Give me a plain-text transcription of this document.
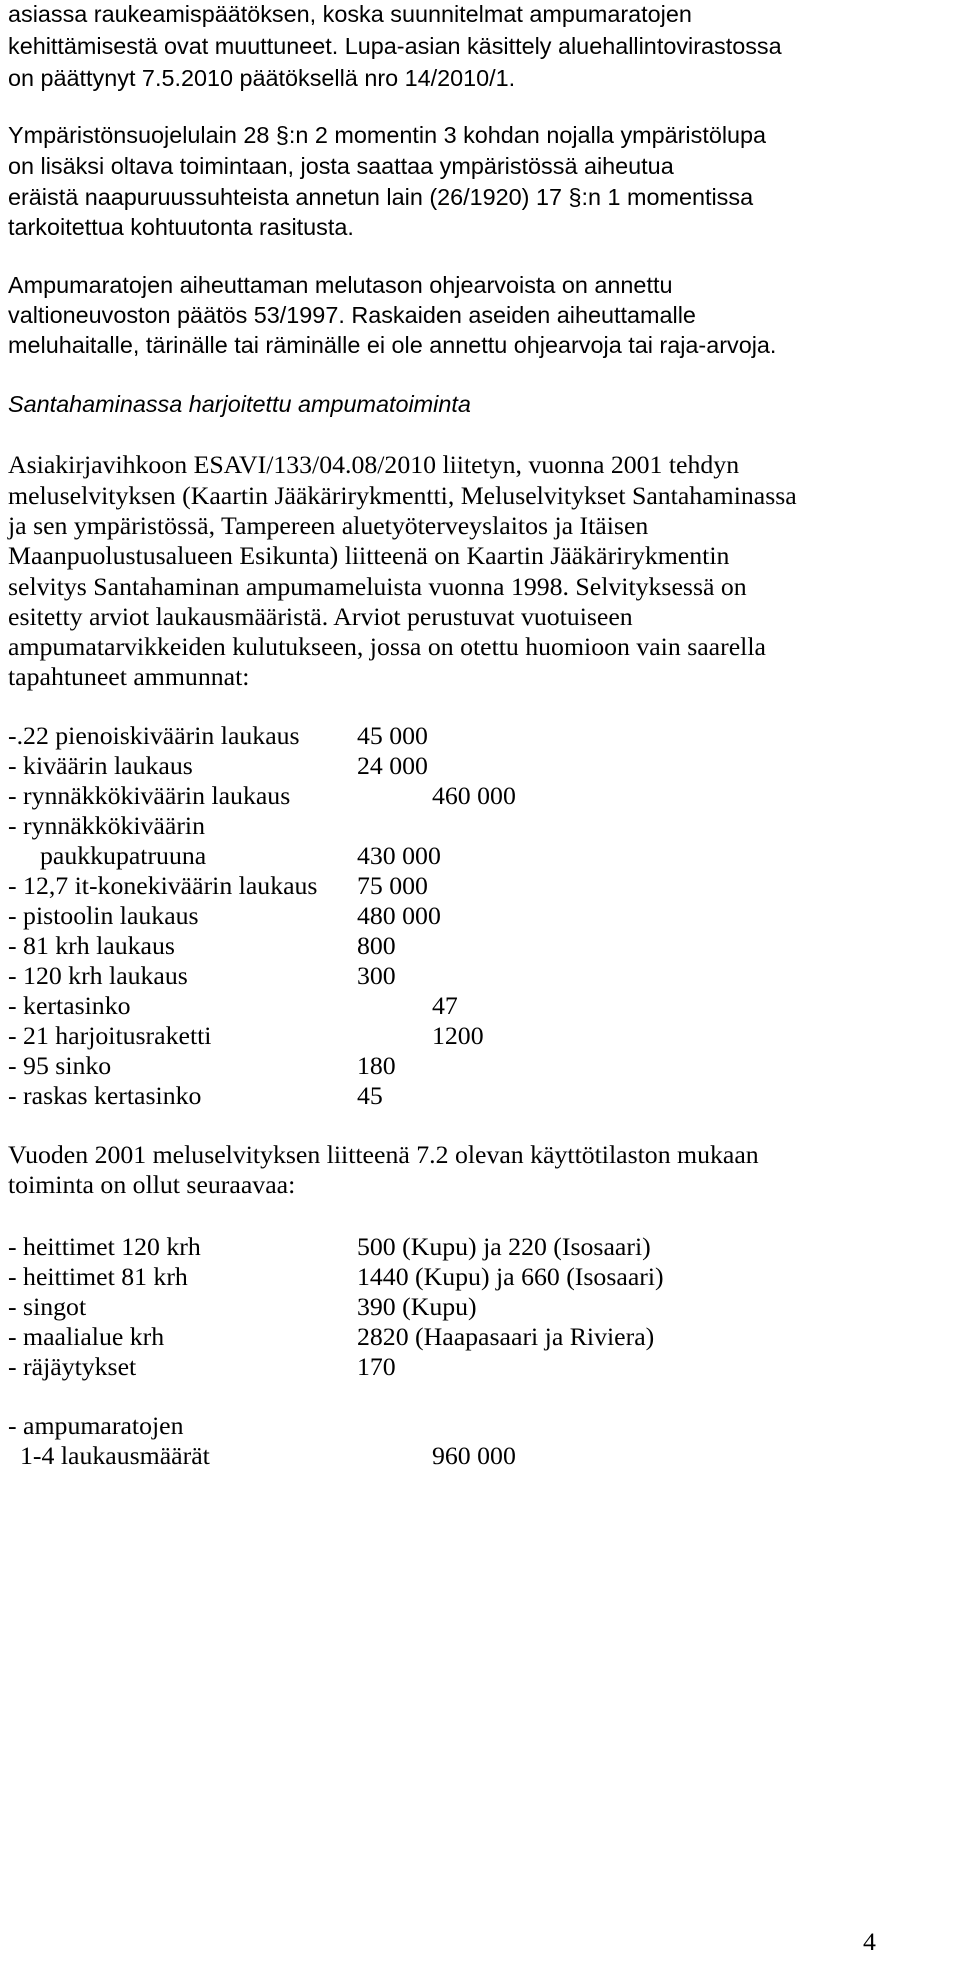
asiassa raukeamispäätöksen, koska suunnitelmat ampumaratojen

kehittämisestä ovat muuttuneet. Lupa-asian käsittely aluehallintovirastossa

on päättynyt 7.5.2010 päätöksellä nro 14/2010/1.

Ympäristönsuojelulain 28 §:n 2 momentin 3 kohdan nojalla ympäristölupa

on lisäksi oltava toimintaan, josta saattaa ympäristössä aiheutua

eräistä naapuruussuhteista annetun lain (26/1920) 17 §:n 1 momentissa

tarkoitettua kohtuutonta rasitusta.

Ampumaratojen aiheuttaman melutason ohjearvoista on annettu

valtioneuvoston päätös 53/1997. Raskaiden aseiden aiheuttamalle

meluhaitalle, tärinälle tai räminälle ei ole annettu ohjearvoja tai raja-arvoja.

Santahaminassa harjoitettu ampumatoiminta

Asiakirjavihkoon ESAVI/133/04.08/2010 liitetyn, vuonna 2001 tehdyn

meluselvityksen (Kaartin Jääkärirykmentti, Meluselvitykset Santahaminassa

ja sen ympäristössä, Tampereen aluetyöterveyslaitos ja Itäisen

Maanpuolustusalueen Esikunta) liitteenä on Kaartin Jääkärirykmentin

selvitys Santahaminan ampumameluista vuonna 1998. Selvityksessä on

esitetty arviot laukausmääristä. Arviot perustuvat vuotuiseen

ampumatarvikkeiden kulutukseen, jossa on otettu huomioon vain saarella

tapahtuneet ammunnat:

-.22 pienoiskiväärin laukaus 45 000

- kiväärin laukaus	24 000

- rynnäkkökiväärin laukaus	460 000

- rynnäkkökiväärin

paukkupatruuna	430 000

- 12,7 it-konekiväärin laukaus 75 000

- pistoolin laukaus	480 000

- 81 krh laukaus	800

- 120 krh laukaus	300

- kertasinko	47

- 21 harjoitusraketti	1200

- 95 sinko	180

- raskas kertasinko	45

Vuoden 2001 meluselvityksen liitteenä 7.2 olevan käyttötilaston mukaan

toiminta on ollut seuraavaa:

- heittimet 120 krh	500 (Kupu) ja 220 (Isosaari)

- heittimet 81 krh	1440 (Kupu) ja 660 (Isosaari)

- singot	390 (Kupu)

- maalialue krh	2820 (Haapasaari ja Riviera)

- räjäytykset	170

- ampumaratojen

1-4 laukausmäärät	960 000

4
